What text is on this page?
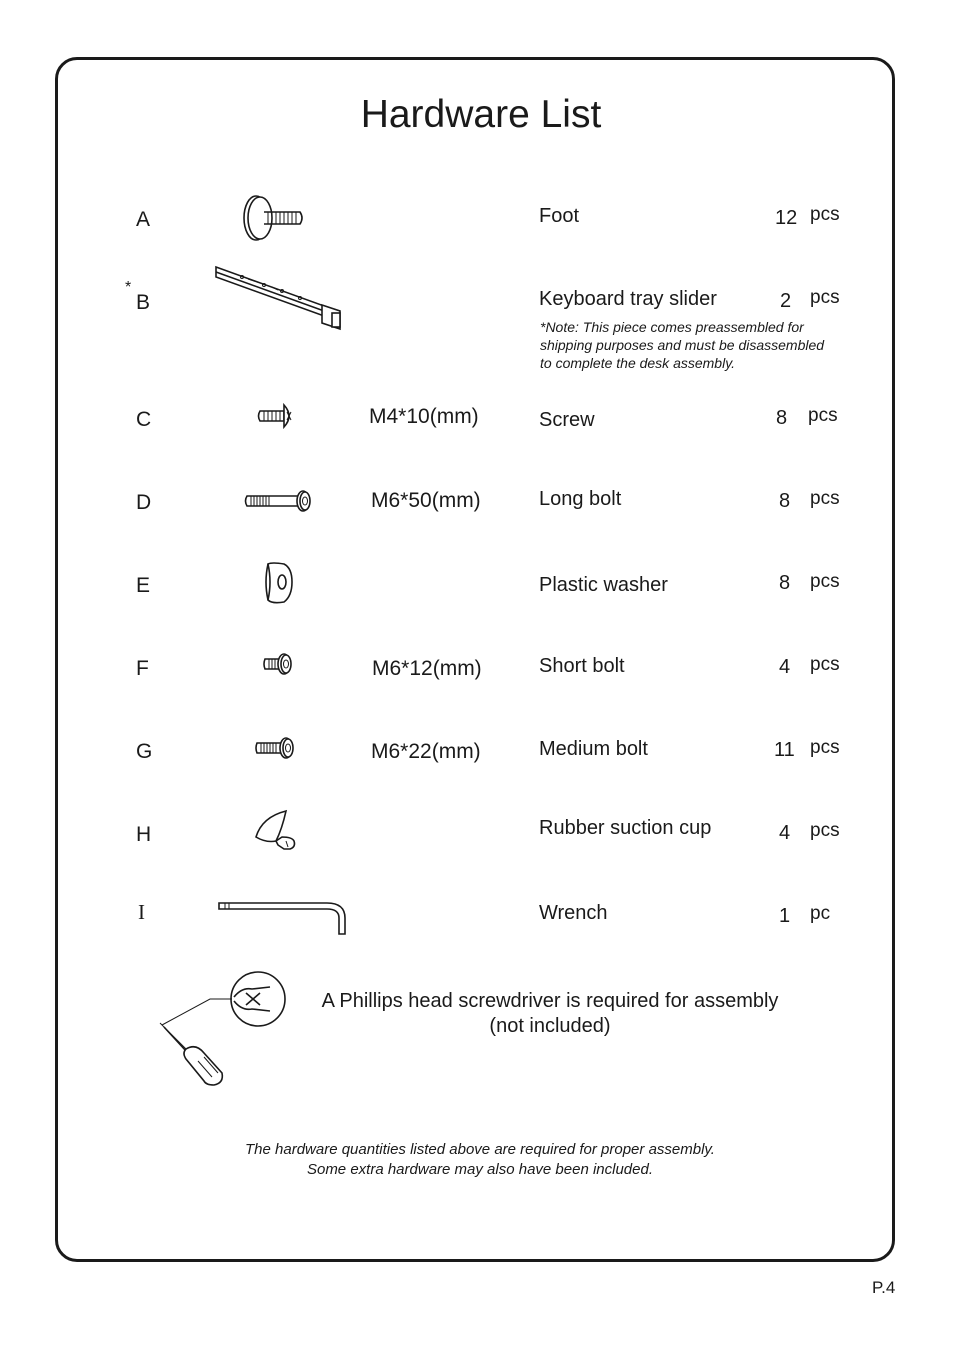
Hardware List
A	Foot	12 pcs
*
B	Keyboard tray slider	2 pcs
*Note: This piece comes preassembled for
shipping purposes and must be disassembled
to complete the desk assembly.
C	M4*10(mm)	Screw	8 pcs
D	M6*50(mm)	Long bolt	8 pcs
E	Plastic washer	8 pcs
F	M6*12(mm)	Short bolt	4 pcs
G	M6*22(mm)	Medium bolt	11 pcs
H	Rubber suction cup	4 pcs
I	Wrench	1 pc
A Phillips head screwdriver is required for assembly
(not included)
The hardware quantities listed above are required for proper assembly.
Some extra hardware may also have been included.
P.4
